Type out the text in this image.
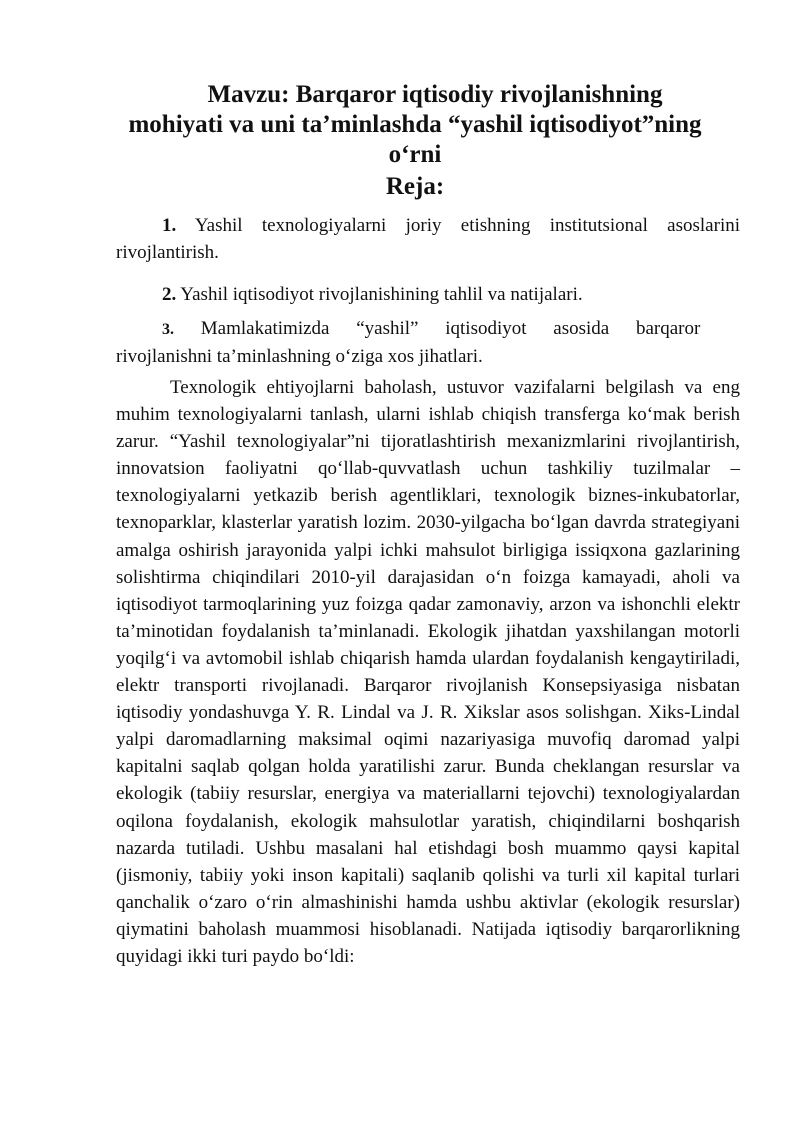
Mavzu: Barqaror iqtisodiy rivojlanishning
mohiyati va uni ta’minlashda “yashil iqtisodiyot”ning
o‘rni
Reja:

1. Yashil texnologiyalarni joriy etishning institutsional asoslarini rivojlantirish.

2. Yashil iqtisodiyot rivojlanishining tahlil va natijalari.

3. Mamlakatimizda “yashil” iqtisodiyot asosida barqaror
rivojlanishni ta’minlashning o‘ziga xos jihatlari.

Texnologik ehtiyojlarni baholash, ustuvor vazifalarni belgilash va eng muhim texnologiyalarni tanlash, ularni ishlab chiqish transferga ko‘mak berish zarur. “Yashil texnologiyalar”ni tijoratlashtirish mexanizmlarini rivojlantirish, innovatsion faoliyatni qo‘llab-quvvatlash uchun tashkiliy tuzilmalar – texnologiyalarni yetkazib berish agentliklari, texnologik biznes-inkubatorlar, texnoparklar, klasterlar yaratish lozim. 2030-yilgacha bo‘lgan davrda strategiyani amalga oshirish jarayonida yalpi ichki mahsulot birligiga issiqxona gazlarining solishtirma chiqindilari 2010-yil darajasidan o‘n foizga kamayadi, aholi va iqtisodiyot tarmoqlarining yuz foizga qadar zamonaviy, arzon va ishonchli elektr ta’minotidan foydalanish ta’minlanadi. Ekologik jihatdan yaxshilangan motorli yoqilg‘i va avtomobil ishlab chiqarish hamda ulardan foydalanish kengaytiriladi, elektr transporti rivojlanadi. Barqaror rivojlanish Konsepsiyasiga nisbatan iqtisodiy yondashuvga Y. R. Lindal va J. R. Xikslar asos solishgan. Xiks-Lindal yalpi daromadlarning maksimal oqimi nazariyasiga muvofiq daromad yalpi kapitalni saqlab qolgan holda yaratilishi zarur. Bunda cheklangan resurslar va ekologik (tabiiy resurslar, energiya va materiallarni tejovchi) texnologiyalardan oqilona foydalanish, ekologik mahsulotlar yaratish, chiqindilarni boshqarish nazarda tutiladi. Ushbu masalani hal etishdagi bosh muammo qaysi kapital (jismoniy, tabiiy yoki inson kapitali) saqlanib qolishi va turli xil kapital turlari qanchalik o‘zaro o‘rin almashinishi hamda ushbu aktivlar (ekologik resurslar) qiymatini baholash muammosi hisoblanadi. Natijada iqtisodiy barqarorlikning quyidagi ikki turi paydo bo‘ldi:
